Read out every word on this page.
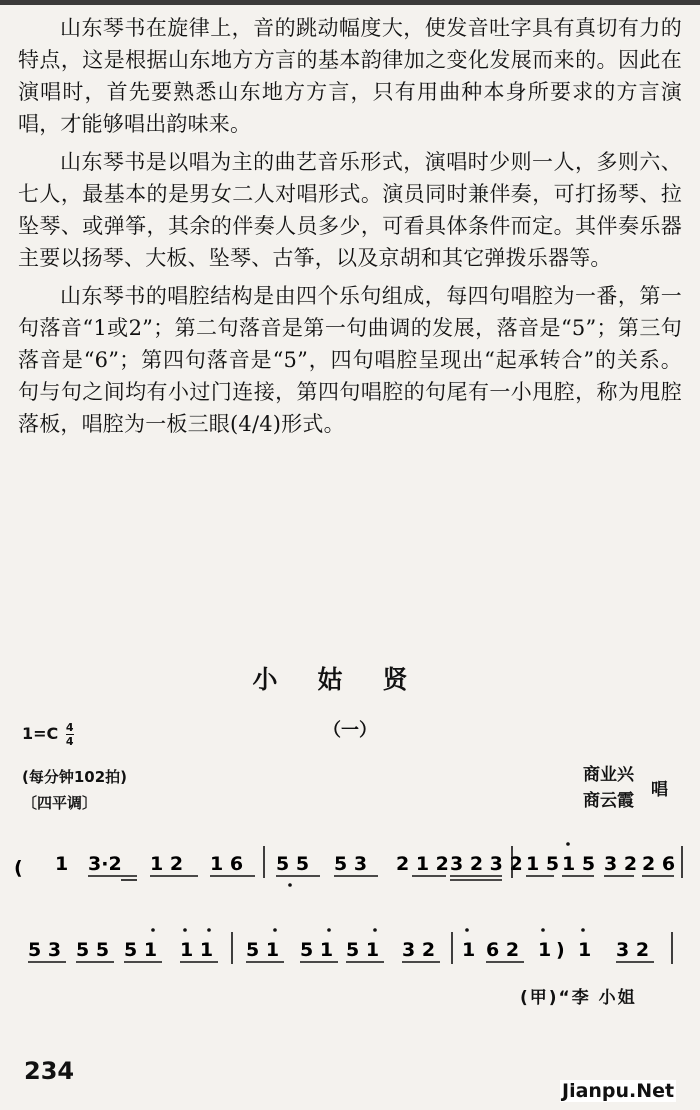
山东琴书在旋律上，音的跳动幅度大，使发音吐字具有真切有力的特点，这是根据山东地方方言的基本韵律加之变化发展而来的。因此在演唱时，首先要熟悉山东地方方言，只有用曲种本身所要求的方言演唱，才能够唱出韵味来。

山东琴书是以唱为主的曲艺音乐形式，演唱时少则一人，多则六、七人，最基本的是男女二人对唱形式。演员同时兼伴奏，可打扬琴、拉坠琴、或弹筝，其余的伴奏人员多少，可看具体条件而定。其伴奏乐器主要以扬琴、大板、坠琴、古筝，以及京胡和其它弹拨乐器等。

山东琴书的唱腔结构是由四个乐句组成，每四句唱腔为一番，第一句落音“1或2”；第二句落音是第一句曲调的发展，落音是“5”；第三句落音是“6”；第四句落音是“5”，四句唱腔呈现出“起承转合”的关系。句与句之间均有小过门连接，第四句唱腔的句尾有一小甩腔，称为甩腔落板，唱腔为一板三眼(4/4)形式。

小姑贤
（一）
$1=C \frac{4}{4}$
(每分钟102拍)
〔四平调〕
商业兴
商云霞
唱
( 1 3·2 1 2 1 6 5 5 5 3 2 1 2 3 2 3 2 1 5 1 5 3 2 2 6
5 3 5 5 5 1 1 1 5 1 5 1 5 1 3 2 1 6 2 1 ) 1 3 2
(甲)“李 小姐
234
Jianpu.Net
